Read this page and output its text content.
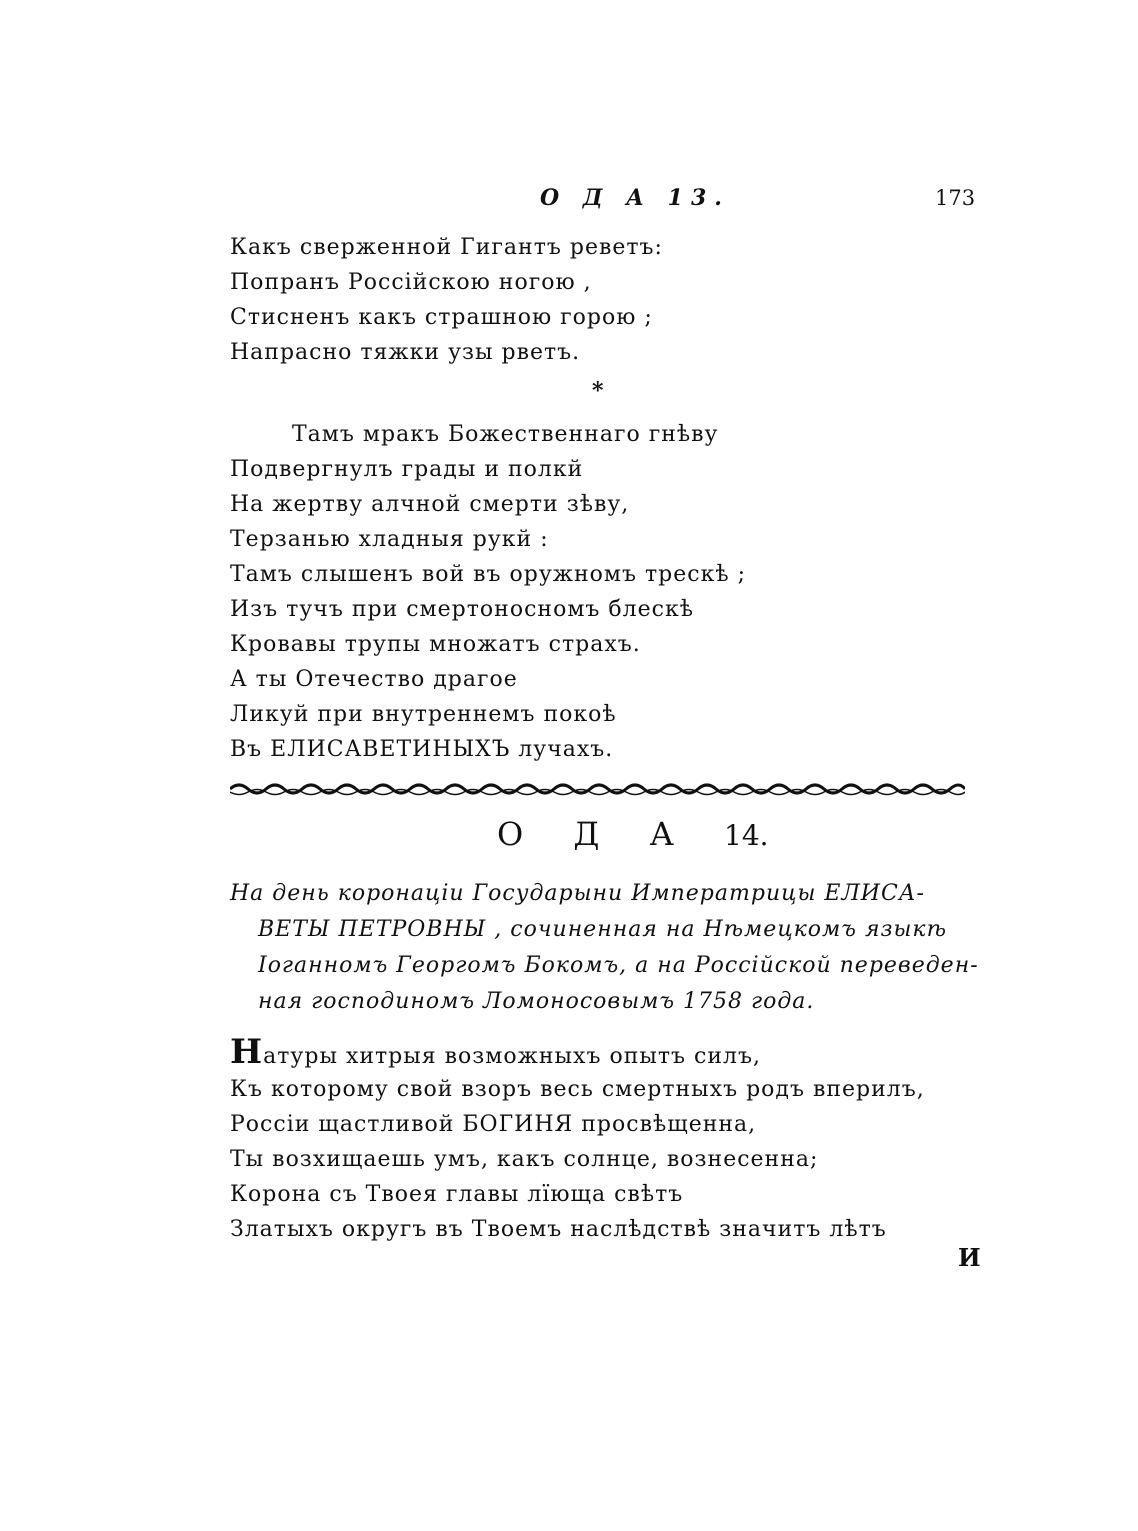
О Д А 13.	173
Какъ сверженной Гигантъ реветъ:
Попранъ Россійскою ногою ,
Стисненъ какъ страшною горою ;
Напрасно тяжки узы рветъ.
*
Тамъ мракъ Божественнаго гнѣву
Подвергнулъ грады и полкй
На жертву алчной смерти зѣву,
Терзанью хладныя рукй :
Тамъ слышенъ вой въ оружномъ трескѣ ;
Изъ тучъ при смертоносномъ блескѣ
Кровавы трупы множатъ страхъ.
А ты Отечество драгое
Ликуй при внутреннемъ покоѣ
Въ ЕЛИСАВЕТИНЫХЪ лучахъ.
О Д А 14.
На день коронацiи Государыни Императрицы ЕЛИСА-
ВЕТЫ ПЕТРОВНЫ , сочиненная на Нѣмецкомъ языкѣ
Іоганномъ Георгомъ Бокомъ, а на Россійской переведен-
ная господиномъ Ломоносовымъ 1758 года.
Натуры хитрыя возможныхъ опытъ силъ,
Къ которому свой взоръ весь смертныхъ родъ вперилъ,
Россіи щастливой БОГИНЯ просвѣщенна,
Ты возхищаешь умъ, какъ солнце, вознесенна;
Корона съ Твоея главы лїюща свѣтъ
Златыхъ округъ въ Твоемъ наслѣдствѣ значитъ лѣтъ
И
